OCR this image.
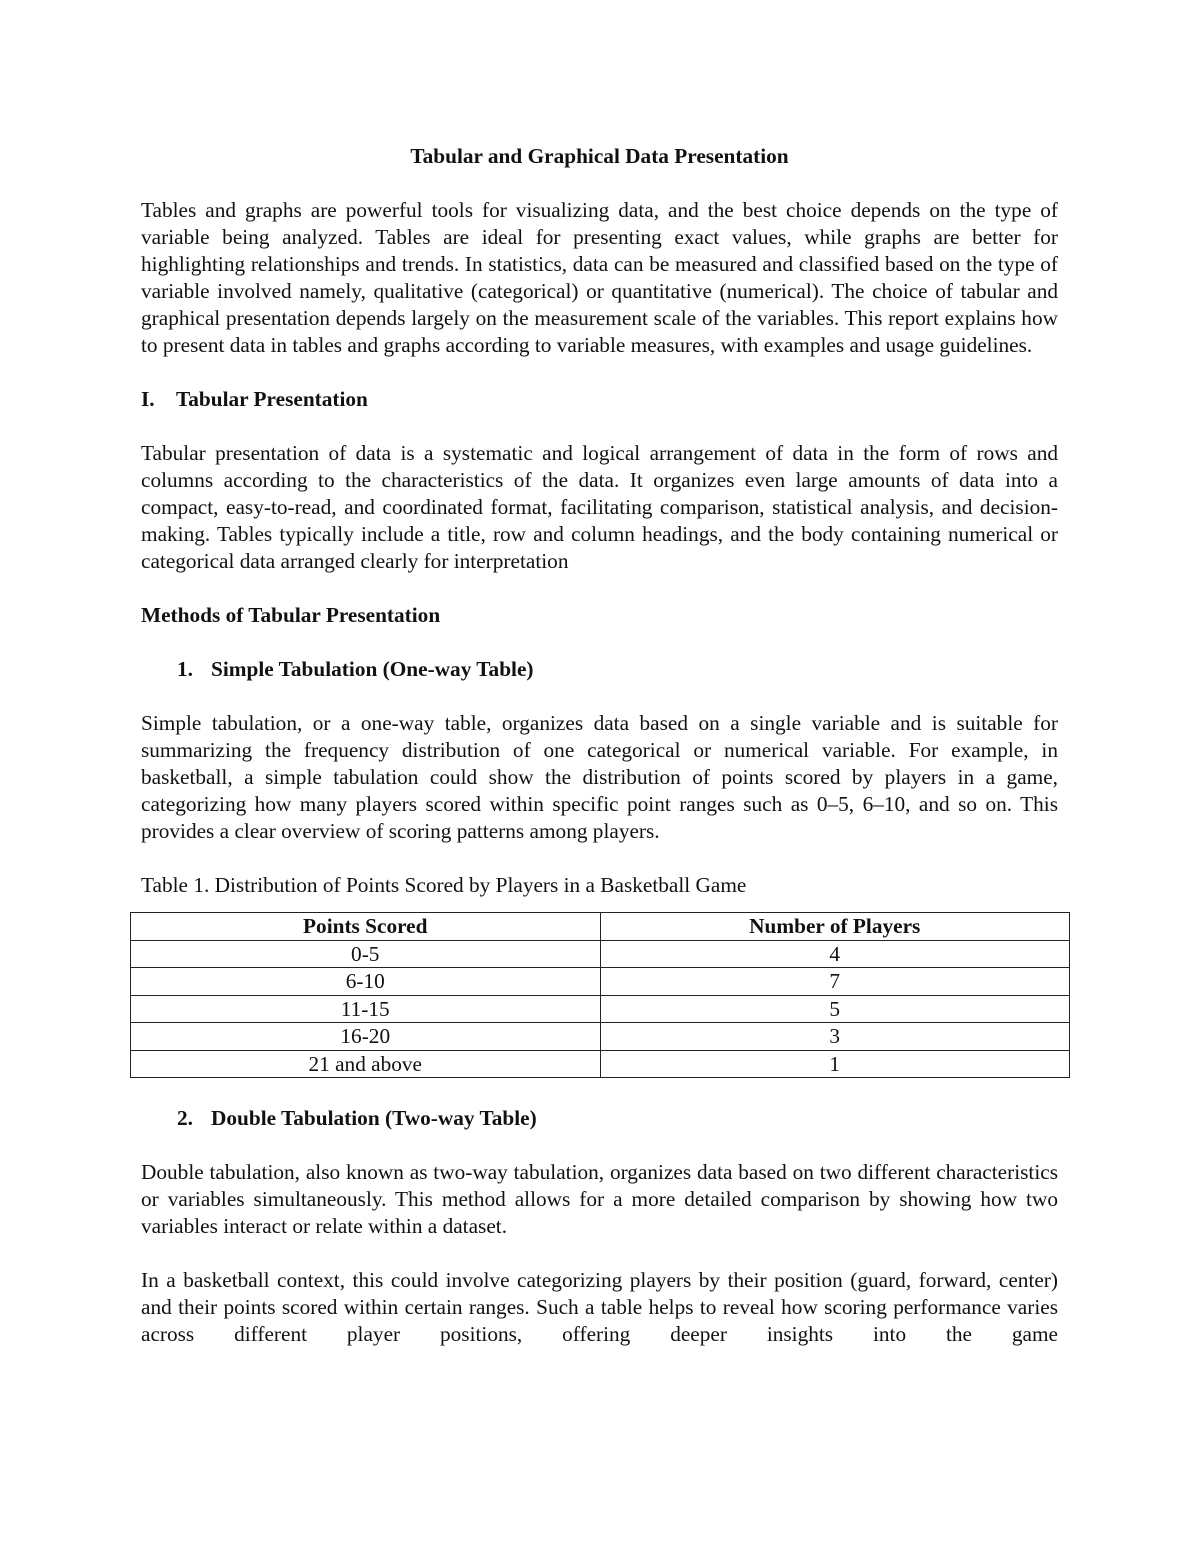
Tabular and Graphical Data Presentation

Tables and graphs are powerful tools for visualizing data, and the best choice depends on the type of variable being analyzed. Tables are ideal for presenting exact values, while graphs are better for highlighting relationships and trends. In statistics, data can be measured and classified based on the type of variable involved namely, qualitative (categorical) or quantitative (numerical). The choice of tabular and graphical presentation depends largely on the measurement scale of the variables. This report explains how to present data in tables and graphs according to variable measures, with examples and usage guidelines.

I.	Tabular Presentation

Tabular presentation of data is a systematic and logical arrangement of data in the form of rows and columns according to the characteristics of the data. It organizes even large amounts of data into a compact, easy-to-read, and coordinated format, facilitating comparison, statistical analysis, and decision-making. Tables typically include a title, row and column headings, and the body containing numerical or categorical data arranged clearly for interpretation

Methods of Tabular Presentation
1. Simple Tabulation (One-way Table)

Simple tabulation, or a one-way table, organizes data based on a single variable and is suitable for summarizing the frequency distribution of one categorical or numerical variable. For example, in basketball, a simple tabulation could show the distribution of points scored by players in a game, categorizing how many players scored within specific point ranges such as 0–5, 6–10, and so on. This provides a clear overview of scoring patterns among players.

Table 1. Distribution of Points Scored by Players in a Basketball Game
Points Scored	Number of Players
0-5	4
6-10	7
11-15	5
16-20	3
21 and above	1
2. Double Tabulation (Two-way Table)

Double tabulation, also known as two-way tabulation, organizes data based on two different characteristics or variables simultaneously. This method allows for a more detailed comparison by showing how two variables interact or relate within a dataset.

In a basketball context, this could involve categorizing players by their position (guard, forward, center) and their points scored within certain ranges. Such a table helps to reveal how scoring performance varies across different player positions, offering deeper insights into the game
